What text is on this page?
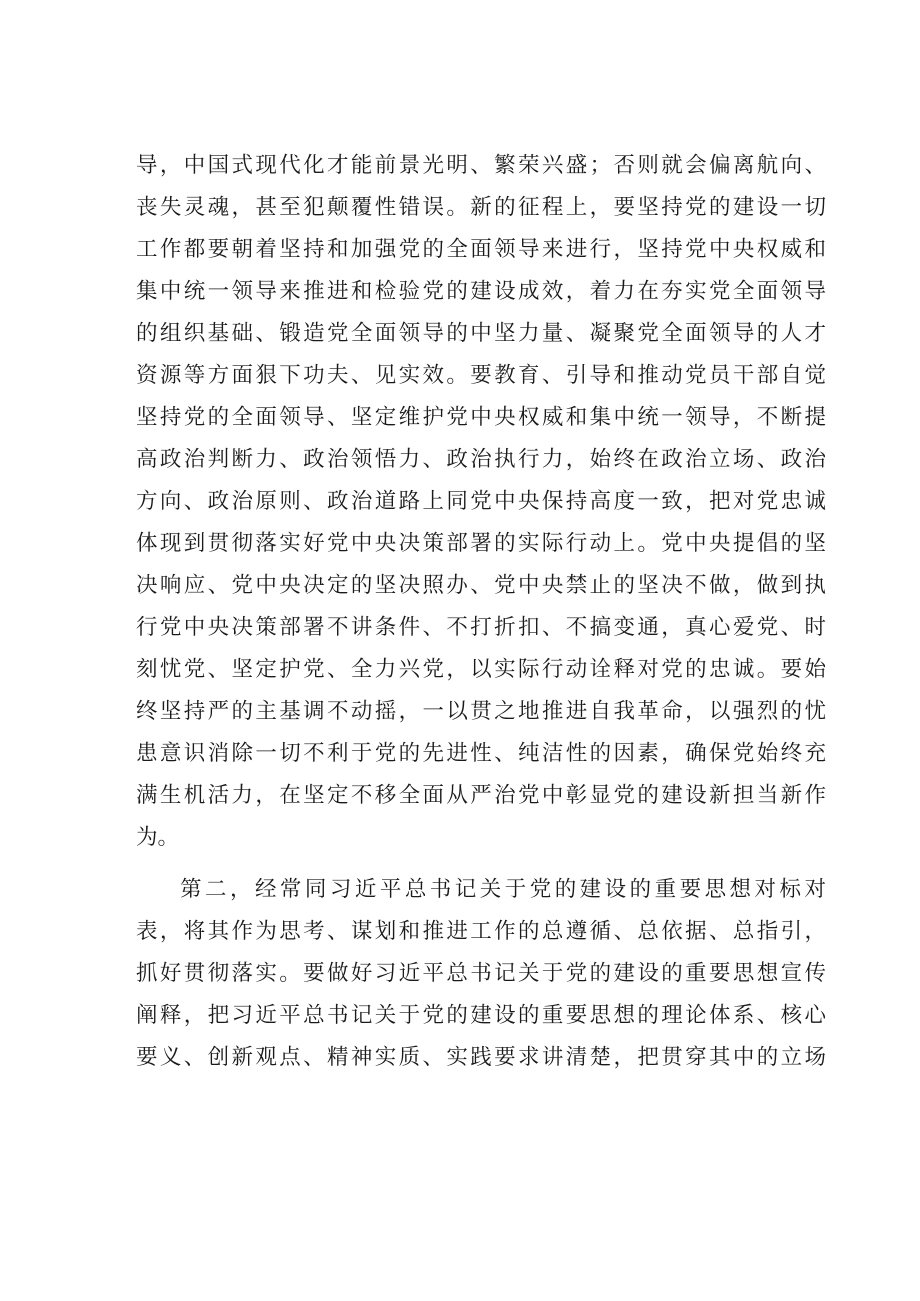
导，中国式现代化才能前景光明、繁荣兴盛；否则就会偏离航向、
丧失灵魂，甚至犯颠覆性错误。新的征程上，要坚持党的建设一切
工作都要朝着坚持和加强党的全面领导来进行，坚持党中央权威和
集中统一领导来推进和检验党的建设成效，着力在夯实党全面领导
的组织基础、锻造党全面领导的中坚力量、凝聚党全面领导的人才
资源等方面狠下功夫、见实效。要教育、引导和推动党员干部自觉
坚持党的全面领导、坚定维护党中央权威和集中统一领导，不断提
高政治判断力、政治领悟力、政治执行力，始终在政治立场、政治
方向、政治原则、政治道路上同党中央保持高度一致，把对党忠诚
体现到贯彻落实好党中央决策部署的实际行动上。党中央提倡的坚
决响应、党中央决定的坚决照办、党中央禁止的坚决不做，做到执
行党中央决策部署不讲条件、不打折扣、不搞变通，真心爱党、时
刻忧党、坚定护党、全力兴党，以实际行动诠释对党的忠诚。要始
终坚持严的主基调不动摇，一以贯之地推进自我革命，以强烈的忧
患意识消除一切不利于党的先进性、纯洁性的因素，确保党始终充
满生机活力，在坚定不移全面从严治党中彰显党的建设新担当新作
为。
第二，经常同习近平总书记关于党的建设的重要思想对标对
表，将其作为思考、谋划和推进工作的总遵循、总依据、总指引，
抓好贯彻落实。要做好习近平总书记关于党的建设的重要思想宣传
阐释，把习近平总书记关于党的建设的重要思想的理论体系、核心
要义、创新观点、精神实质、实践要求讲清楚，把贯穿其中的立场
